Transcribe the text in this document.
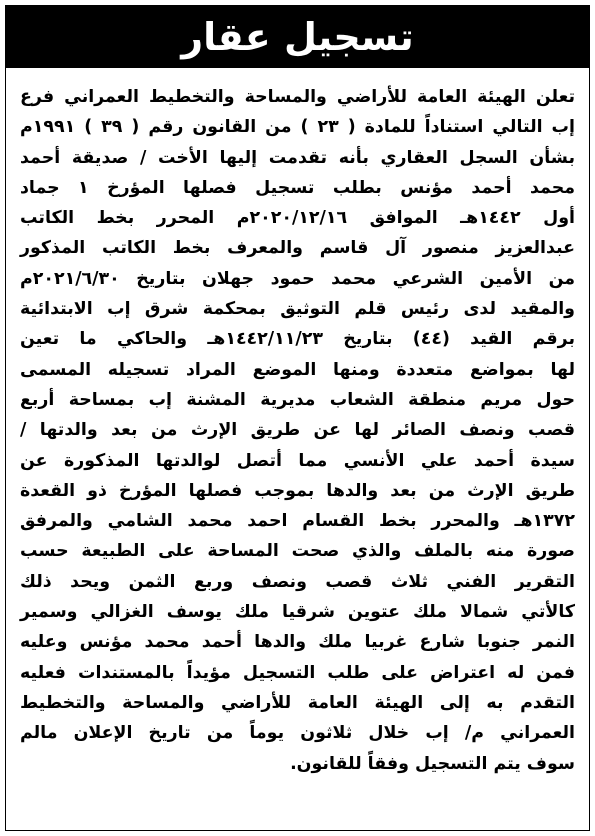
تسجيل عقار
تعلن الهيئة العامة للأراضي والمساحة والتخطيط العمراني فرع
إب التالي استناداً للمادة ( ٢٣ ) من القانون رقم ( ٣٩ ) ١٩٩١م
بشأن السجل العقاري بأنه تقدمت إليها الأخت / صديقة أحمد
محمد أحمد مؤنس بطلب تسجيل فصلها المؤرخ ١ جماد
أول ١٤٤٢هـ الموافق ٢٠٢٠/١٢/١٦م المحرر بخط الكاتب
عبدالعزيز منصور آل قاسم والمعرف بخط الكاتب المذكور
من الأمين الشرعي محمد حمود جهلان بتاريخ ٢٠٢١/٦/٣٠م
والمقيد لدى رئيس قلم التوثيق بمحكمة شرق إب الابتدائية
برقم القيد (٤٤) بتاريخ ١٤٤٢/١١/٢٣هـ والحاكي ما تعين
لها بمواضع متعددة ومنها الموضع المراد تسجيله المسمى
حول مريم منطقة الشعاب مديرية المشنة إب بمساحة أربع
قصب ونصف الصائر لها عن طريق الإرث من بعد والدتها /
سيدة أحمد علي الأنسي مما أتصل لوالدتها المذكورة عن
طريق الإرث من بعد والدها بموجب فصلها المؤرخ ذو القعدة
١٣٧٢هـ والمحرر بخط القسام احمد محمد الشامي والمرفق
صورة منه بالملف والذي صحت المساحة على الطبيعة حسب
التقرير الفني ثلاث قصب ونصف وربع الثمن ويحد ذلك
كالأتي شمالا ملك عتوين شرقيا ملك يوسف الغزالي وسمير
النمر جنوبا شارع غربيا ملك والدها أحمد محمد مؤنس وعليه
فمن له اعتراض على طلب التسجيل مؤيداً بالمستندات فعليه
التقدم به إلى الهيئة العامة للأراضي والمساحة والتخطيط
العمراني م/ إب خلال ثلاثون يوماً من تاريخ الإعلان مالم
سوف يتم التسجيل وفقاً للقانون.
